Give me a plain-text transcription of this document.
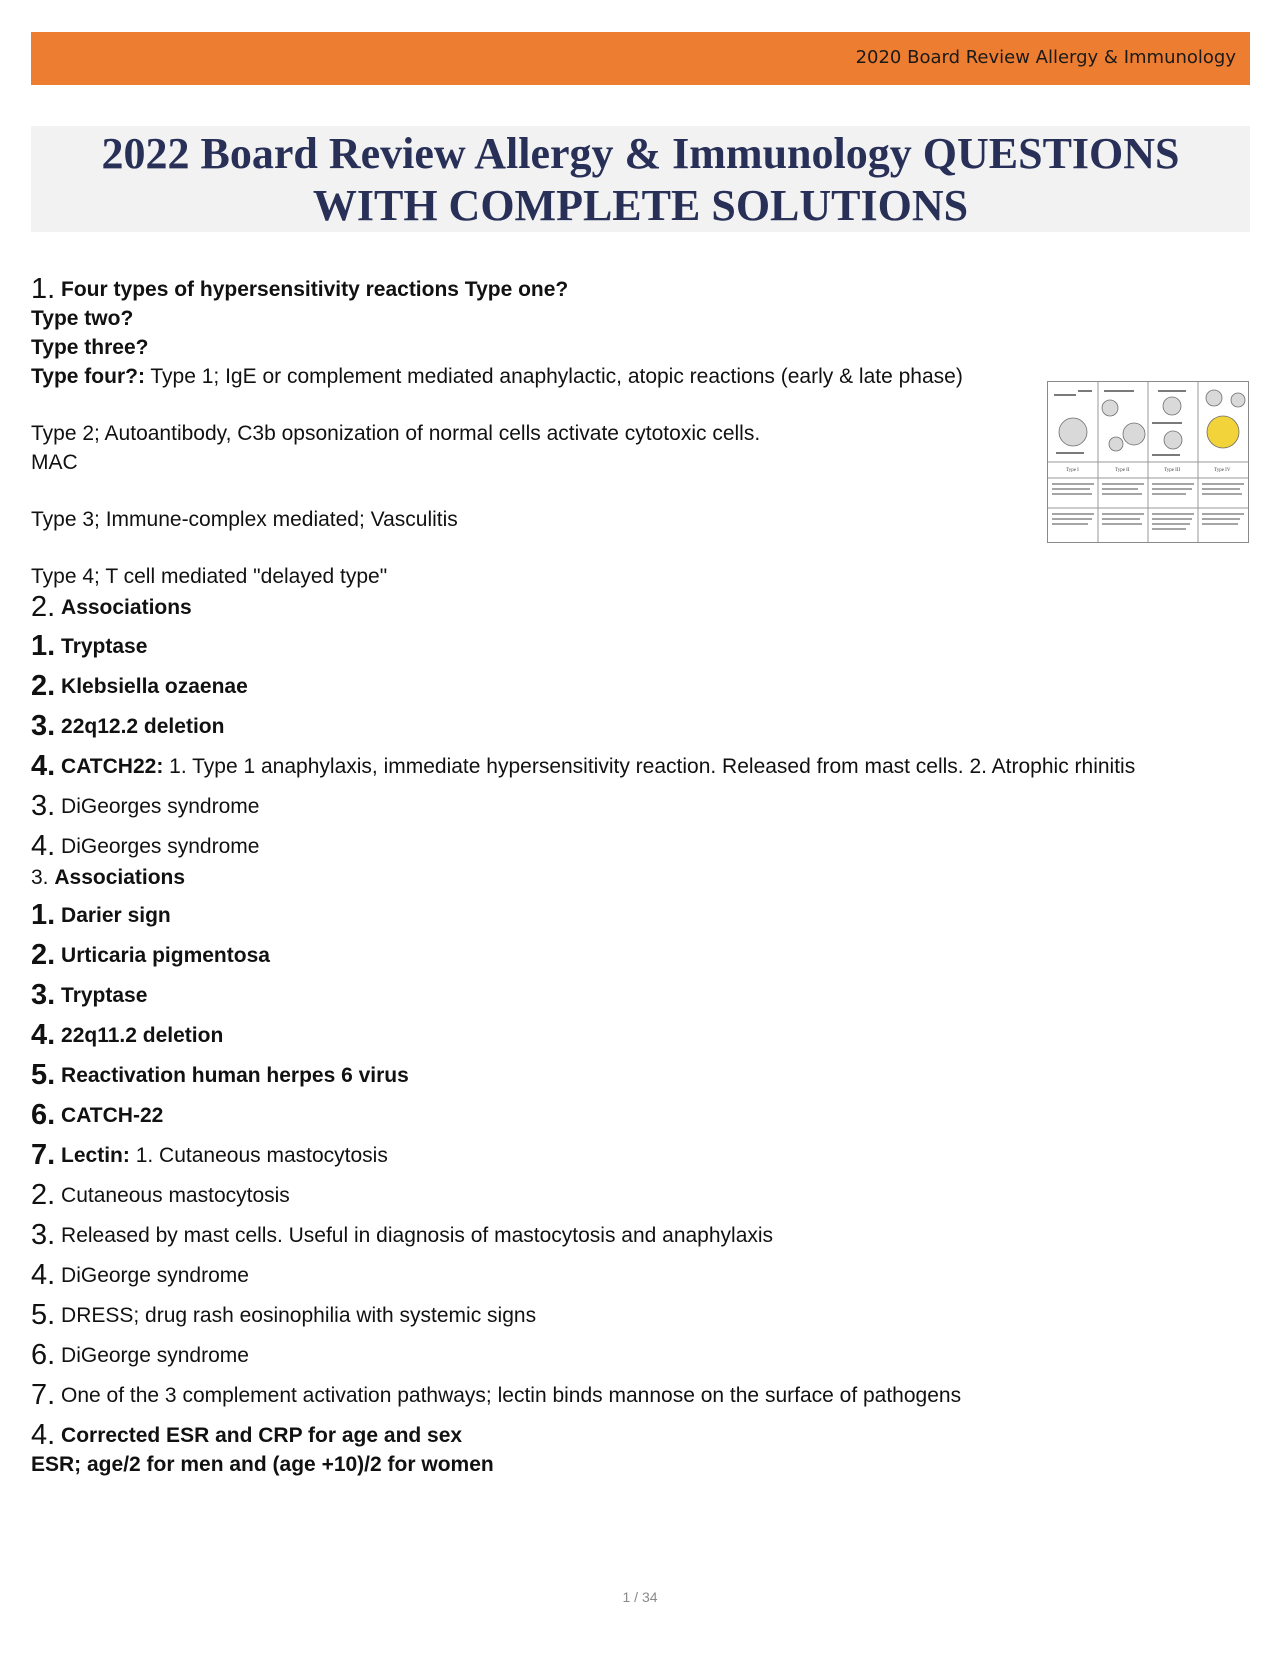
2020 Board Review Allergy & Immunology
2022 Board Review Allergy & Immunology QUESTIONS
WITH COMPLETE SOLUTIONS
1. Four types of hypersensitivity reactions Type one?
Type two?
Type three?
Type four?: Type 1; IgE or complement mediated anaphylactic, atopic reactions (early & late phase)
Type 2; Autoantibody, C3b opsonization of normal cells activate cytotoxic cells.
MAC
Type 3; Immune-complex mediated; Vasculitis
Type 4; T cell mediated "delayed type"
2. Associations
1. Tryptase
2. Klebsiella ozaenae
3. 22q12.2 deletion
4. CATCH22: 1. Type 1 anaphylaxis, immediate hypersensitivity reaction. Released from mast cells. 2. Atrophic rhinitis
3. DiGeorges syndrome
4. DiGeorges syndrome
3. Associations
1. Darier sign
2. Urticaria pigmentosa
3. Tryptase
4. 22q11.2 deletion
5. Reactivation human herpes 6 virus
6. CATCH-22
7. Lectin: 1. Cutaneous mastocytosis
2. Cutaneous mastocytosis
3. Released by mast cells. Useful in diagnosis of mastocytosis and anaphylaxis
4. DiGeorge syndrome
5. DRESS; drug rash eosinophilia with systemic signs
6. DiGeorge syndrome
7. One of the 3 complement activation pathways; lectin binds mannose on the surface of pathogens
4. Corrected ESR and CRP for age and sex
ESR; age/2 for men and (age +10)/2 for women
Type I	Type II	Type III	Type IV
1 / 34
